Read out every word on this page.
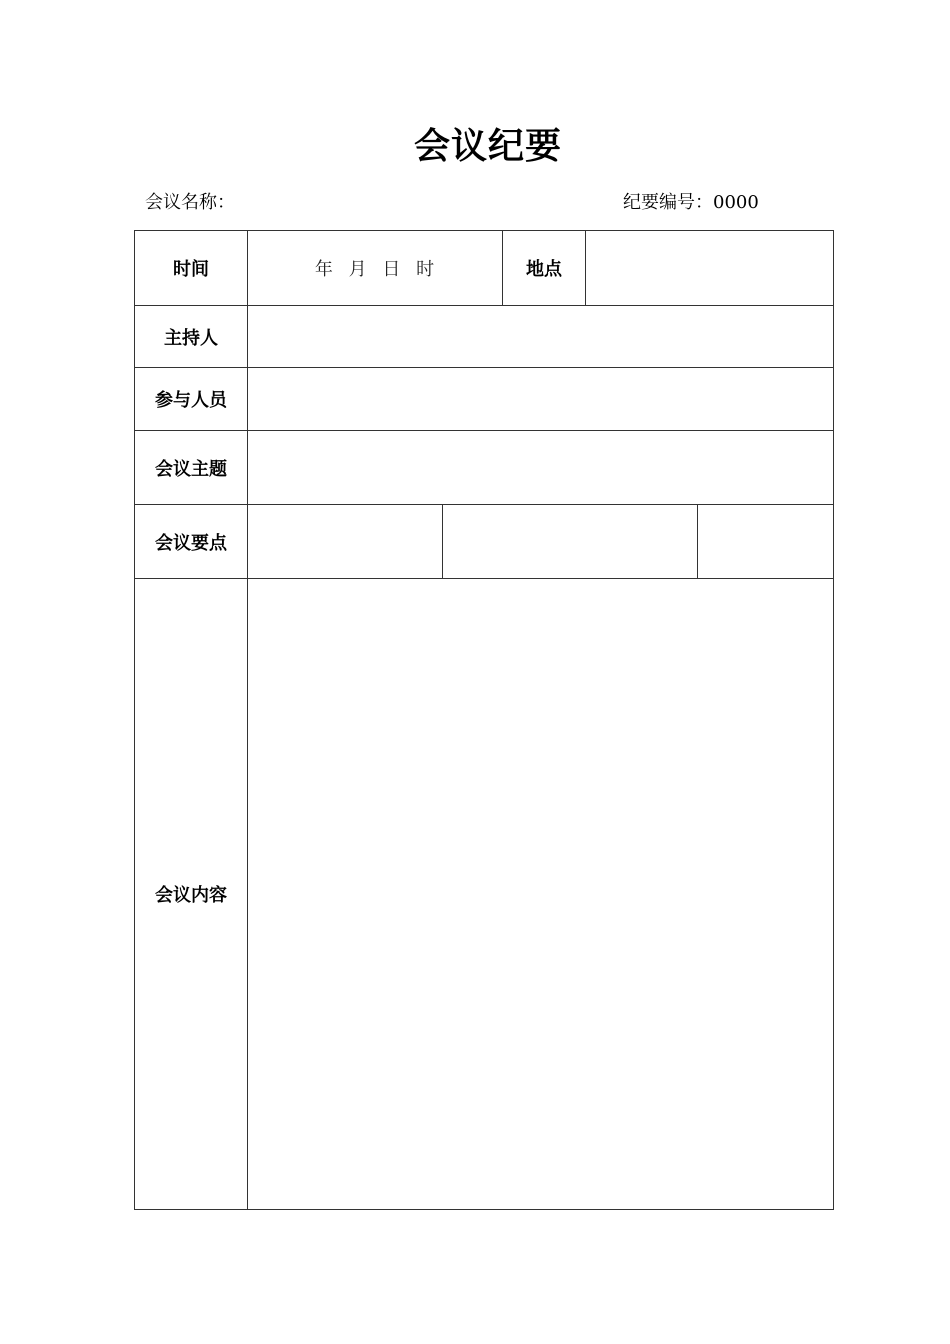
会议纪要
会议名称：	纪要编号：0000
时间	年 月 日 时		地点		
主持人					
参与人员					
会议主题					
会议要点					
会议内容					
